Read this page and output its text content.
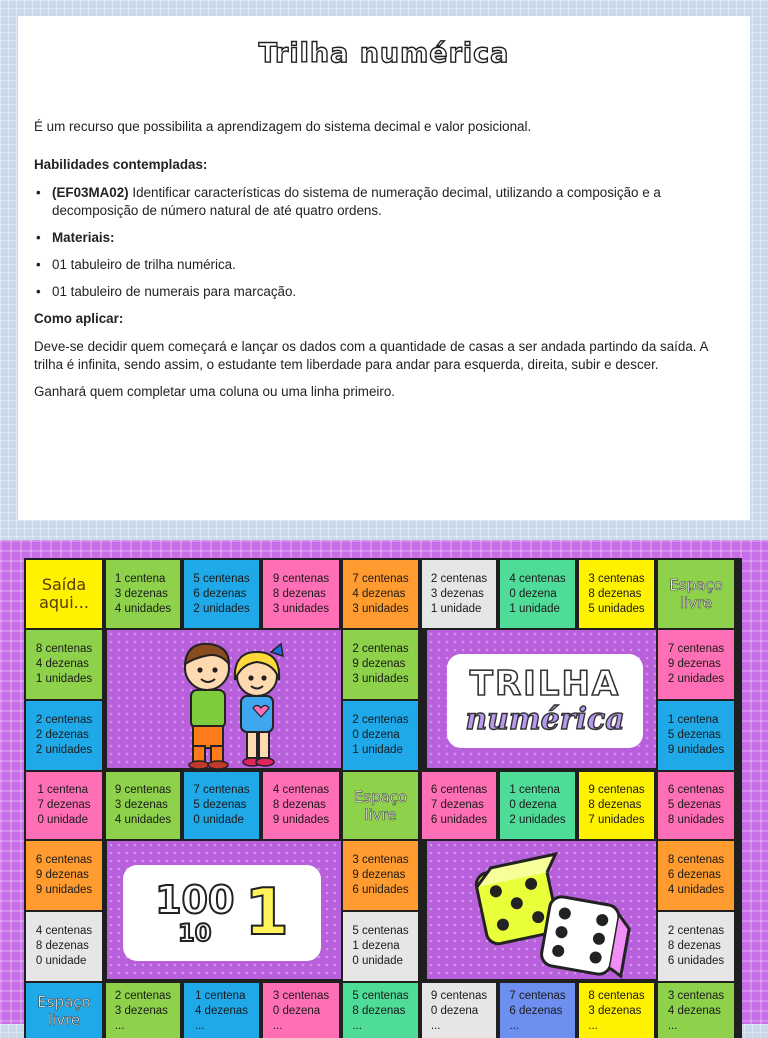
Trilha numérica

É um recurso que possibilita a aprendizagem do sistema decimal e valor posicional.

Habilidades contempladas:

• (EF03MA02) Identificar características do sistema de numeração decimal, utilizando a composição e a decomposição de número natural de até quatro ordens.
• Materiais:
• 01 tabuleiro de trilha numérica.
• 01 tabuleiro de numerais para marcação.

Como aplicar:

Deve-se decidir quem começará e lançar os dados com a quantidade de casas a ser andada partindo da saída. A trilha é infinita, sendo assim, o estudante tem liberdade para andar para esquerda, direita, subir e descer.

Ganhará quem completar uma coluna ou uma linha primeiro.

TRILHA
numérica
100
10 1
Saída aqui...
1 centena
3 dezenas
4 unidades
5 centenas
6 dezenas
2 unidades
9 centenas
8 dezenas
3 unidades
7 centenas
4 dezenas
3 unidades
2 centenas
3 dezenas
1 unidade
4 centenas
0 dezena
1 unidade
3 centenas
8 dezenas
5 unidades
Espaço livre
8 centenas
4 dezenas
1 unidades
2 centenas
9 dezenas
3 unidades
7 centenas
9 dezenas
2 unidades
2 centenas
2 dezenas
2 unidades
2 centenas
0 dezena
1 unidade
1 centena
5 dezenas
9 unidades
1 centena
7 dezenas
0 unidade
9 centenas
3 dezenas
4 unidades
7 centenas
5 dezenas
0 unidade
4 centenas
8 dezenas
9 unidades
Espaço livre
6 centenas
7 dezenas
6 unidades
1 centena
0 dezena
2 unidades
9 centenas
8 dezenas
7 unidades
6 centenas
5 dezenas
8 unidades
6 centenas
9 dezenas
9 unidades
3 centenas
9 dezenas
6 unidades
8 centenas
6 dezenas
4 unidades
4 centenas
8 dezenas
0 unidade
5 centenas
1 dezena
0 unidade
2 centenas
8 dezenas
6 unidades
Espaço livre
2 centenas
3 dezenas
...
1 centena
4 dezenas
...
3 centenas
0 dezena
...
5 centenas
8 dezenas
...
9 centenas
0 dezena
...
7 centenas
6 dezenas
...
8 centenas
3 dezenas
...
3 centenas
4 dezenas
...
